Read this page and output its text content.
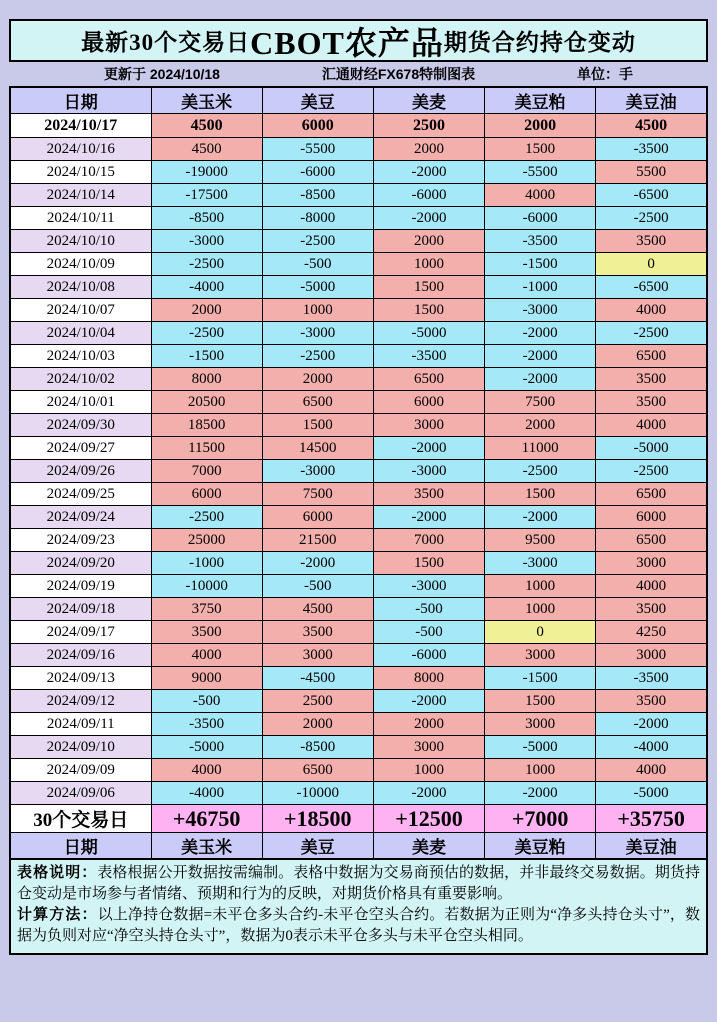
最新30个交易日 CBOT农产品 期货合约持仓变动
更新于 2024/10/18	汇通财经FX678特制图表	单位：手
日期	美玉米	美豆	美麦	美豆粕	美豆油
2024/10/17	4500	6000	2500	2000	4500
2024/10/16	4500	-5500	2000	1500	-3500
2024/10/15	-19000	-6000	-2000	-5500	5500
2024/10/14	-17500	-8500	-6000	4000	-6500
2024/10/11	-8500	-8000	-2000	-6000	-2500
2024/10/10	-3000	-2500	2000	-3500	3500
2024/10/09	-2500	-500	1000	-1500	0
2024/10/08	-4000	-5000	1500	-1000	-6500
2024/10/07	2000	1000	1500	-3000	4000
2024/10/04	-2500	-3000	-5000	-2000	-2500
2024/10/03	-1500	-2500	-3500	-2000	6500
2024/10/02	8000	2000	6500	-2000	3500
2024/10/01	20500	6500	6000	7500	3500
2024/09/30	18500	1500	3000	2000	4000
2024/09/27	11500	14500	-2000	11000	-5000
2024/09/26	7000	-3000	-3000	-2500	-2500
2024/09/25	6000	7500	3500	1500	6500
2024/09/24	-2500	6000	-2000	-2000	6000
2024/09/23	25000	21500	7000	9500	6500
2024/09/20	-1000	-2000	1500	-3000	3000
2024/09/19	-10000	-500	-3000	1000	4000
2024/09/18	3750	4500	-500	1000	3500
2024/09/17	3500	3500	-500	0	4250
2024/09/16	4000	3000	-6000	3000	3000
2024/09/13	9000	-4500	8000	-1500	-3500
2024/09/12	-500	2500	-2000	1500	3500
2024/09/11	-3500	2000	2000	3000	-2000
2024/09/10	-5000	-8500	3000	-5000	-4000
2024/09/09	4000	6500	1000	1000	4000
2024/09/06	-4000	-10000	-2000	-2000	-5000
30个交易日	+46750	+18500	+12500	+7000	+35750
日期	美玉米	美豆	美麦	美豆粕	美豆油
表格说明：表格根据公开数据按需编制。表格中数据为交易商预估的数据，并非最终交易数据。期货持仓变动是市场参与者情绪、预期和行为的反映，对期货价格具有重要影响。
计算方法：以上净持仓数据=未平仓多头合约-未平仓空头合约。若数据为正则为“净多头持仓头寸”，数据为负则对应“净空头持仓头寸”，数据为0表示未平仓多头与未平仓空头相同。
